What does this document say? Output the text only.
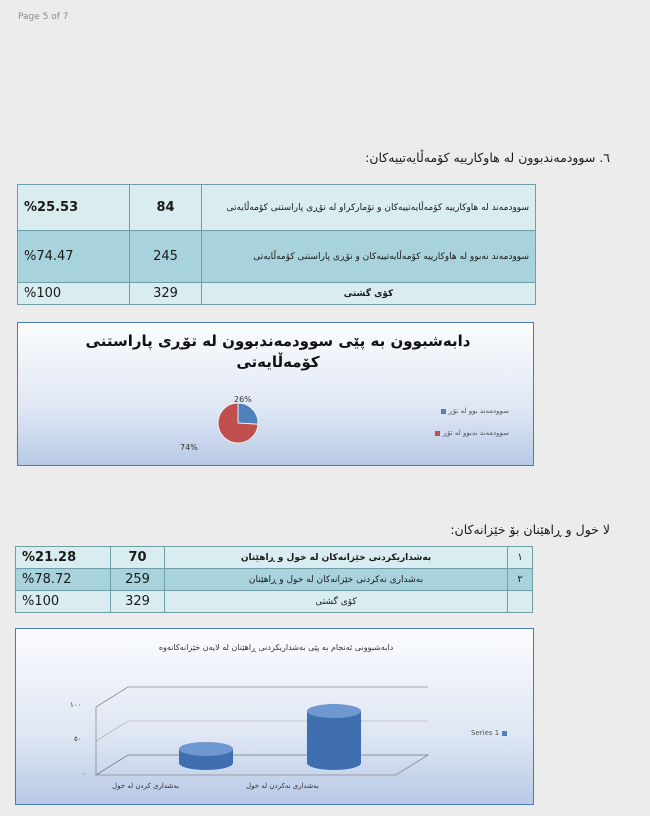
Page 5 of 7
٦. سوودمەندبوون لە هاوکارییە کۆمەڵایەتییەکان:
%25.53	84	سوودمەند لە هاوکارییە کۆمەڵایەتییەکان و تۆمارکراو لە تۆڕی پاراستنی کۆمەڵایەتی
%74.47	245	سوودمەند نەبوو لە هاوکارییە کۆمەڵایەتییەکان و تۆڕی پاراستنی کۆمەڵایەتی
%100	329	کۆی گشتی
دابەشبوون بە پێی سوودمەندبوون لە تۆڕی پاراستنی کۆمەڵایەتی
26%
74%
سوودمەند بوو لە تۆڕ
سوودمەند نەبوو لە تۆڕ
لا خول و ڕاهێنان بۆ خێزانەکان:
%21.28	70	بەشداریکردنی خێزانەکان لە خول و ڕاهێنان	١
%78.72	259	بەشداری نەکردنی خێزانەکان لە خول و ڕاهێنان	٢
%100	329	کۆی گشتی	
دابەشبوونی ئەنجام بە پێی بەشداریکردنی ڕاهێنان لە لایەن خێزانەکانەوە
١٠٠
٥٠
٠
بەشداری کردن لە خول	بەشداری نەکردن لە خول
Series 1
